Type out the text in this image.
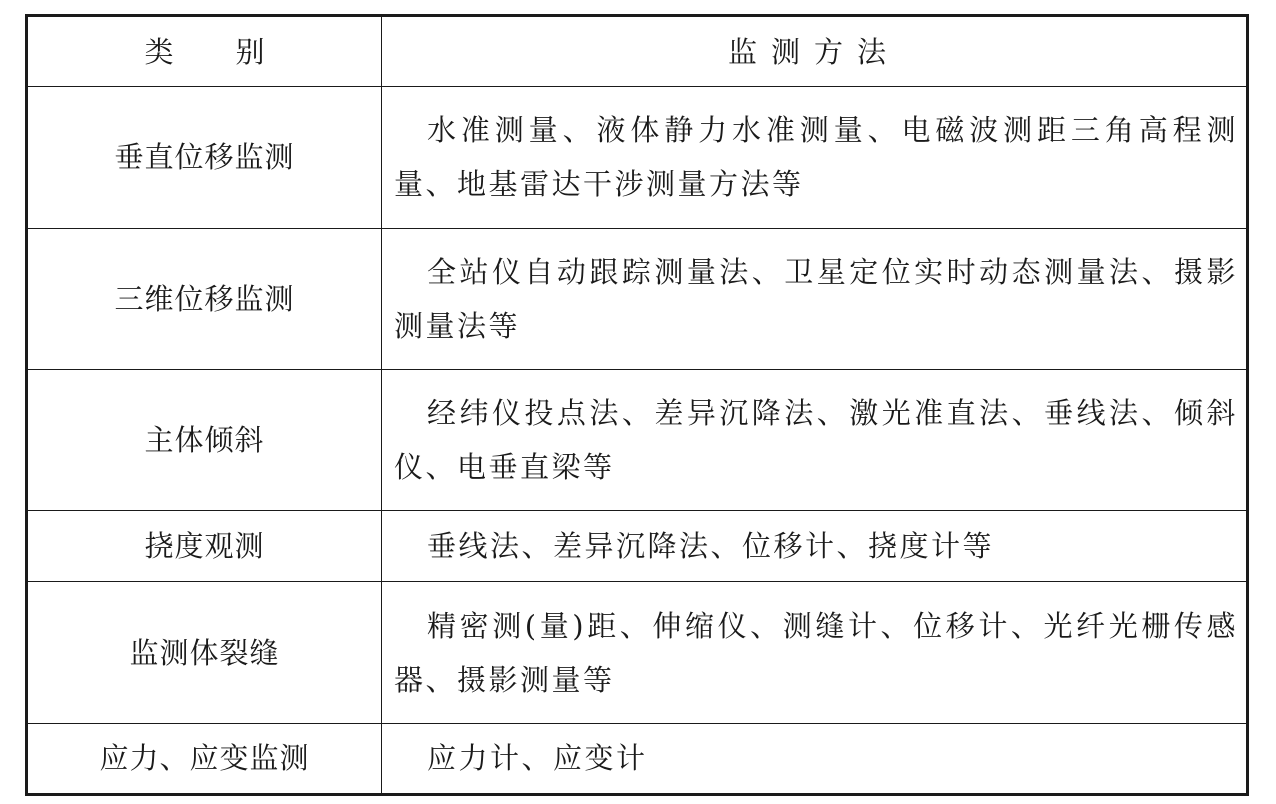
类别	监测方法
垂直位移监测	水准测量、液体静力水准测量、电磁波测距三角高程测量、地基雷达干涉测量方法等
三维位移监测	全站仪自动跟踪测量法、卫星定位实时动态测量法、摄影测量法等
主体倾斜	经纬仪投点法、差异沉降法、激光准直法、垂线法、倾斜仪、电垂直梁等
挠度观测	垂线法、差异沉降法、位移计、挠度计等
监测体裂缝	精密测(量)距、伸缩仪、测缝计、位移计、光纤光栅传感器、摄影测量等
应力、应变监测	应力计、应变计
